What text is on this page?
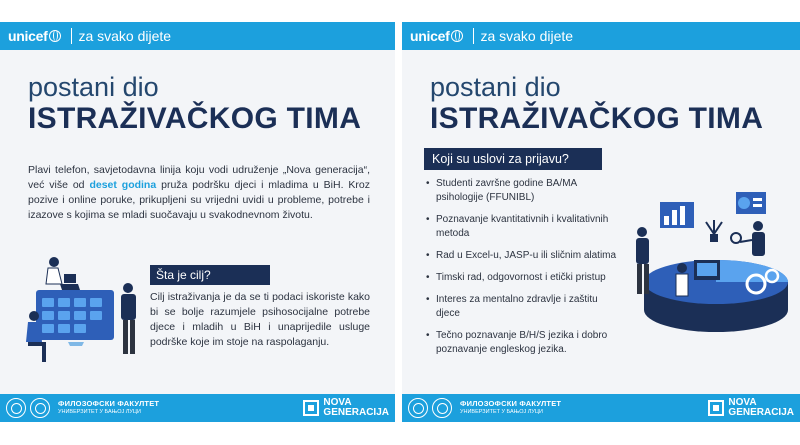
unicef za svako dijete
postani dio
ISTRAŽIVAČKOG TIMA
Plavi telefon, savjetodavna linija koju vodi udruženje „Nova generacija“, već više od deset godina pruža podršku djeci i mladima u BiH. Kroz pozive i online poruke, prikupljeni su vrijedni uvidi u probleme, potrebe i izazove s kojima se mladi suočavaju u svakodnevnom životu.
Šta je cilj?
Cilj istraživanja je da se ti podaci iskoriste kako bi se bolje razumjele psihosocijalne potrebe djece i mladih u BiH i unaprijedile usluge podrške koje im stoje na raspolaganju.
ФИЛОЗОФСКИ ФАКУЛТЕТ
УНИВЕРЗИТЕТ У БАЊОЈ ЛУЦИ
NOVA
GENERACIJA
unicef za svako dijete
postani dio
ISTRAŽIVAČKOG TIMA
Koji su uslovi za prijavu?
• Studenti završne godine BA/MA psihologije (FFUNIBL)
• Poznavanje kvantitativnih i kvalitativnih metoda
• Rad u Excel-u, JASP-u ili sličnim alatima
• Timski rad, odgovornost i etički pristup
• Interes za mentalno zdravlje i zaštitu djece
• Tečno poznavanje B/H/S jezika i dobro poznavanje engleskog jezika.
ФИЛОЗОФСКИ ФАКУЛТЕТ
УНИВЕРЗИТЕТ У БАЊОЈ ЛУЦИ
NOVA
GENERACIJA
